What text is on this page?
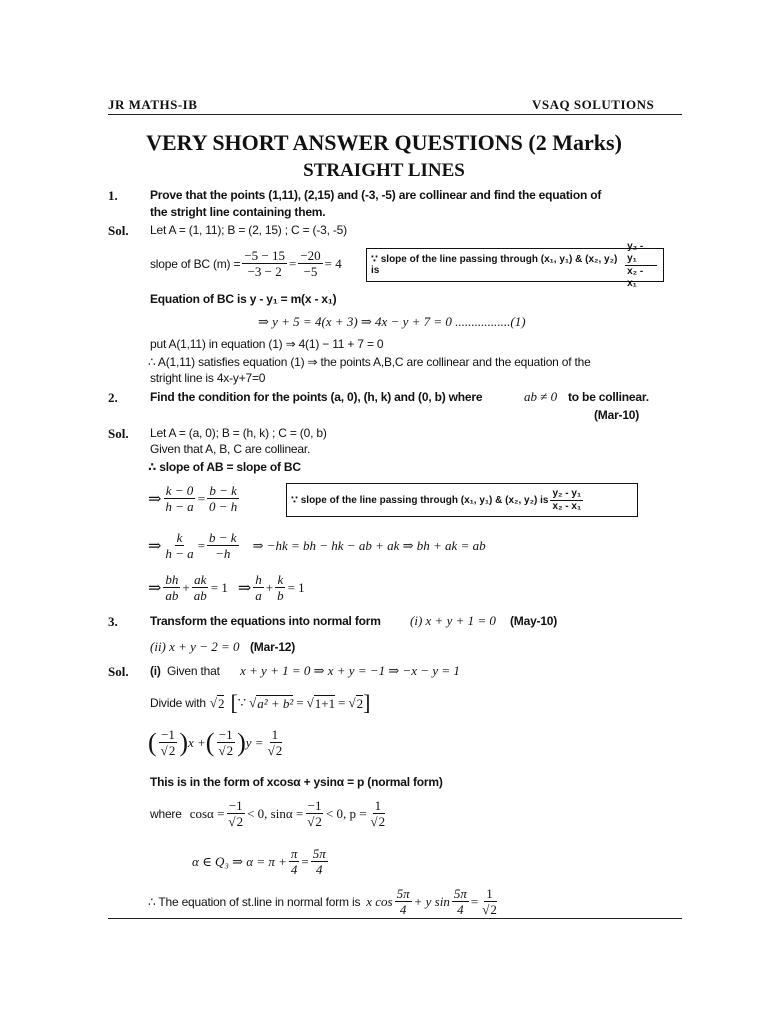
JR MATHS-IB	VSAQ SOLUTIONS
VERY SHORT ANSWER QUESTIONS (2 Marks)
STRAIGHT LINES
1.	Prove that the points (1,11), (2,15) and (-3, -5) are collinear and find the equation of
the stright line containing them.
Sol. Let A = (1, 11); B = (2, 15) ; C = (-3, -5)
slope of BC $(m) = \frac{-5 - 15}{-3 - 2} = \frac{-20}{-5} = 4$	∵ slope of the line passing through (x₁, y₁) & (x₂, y₂) is	$\frac{\text{y₂ - y₁}}{\text{x₂ - x₁}}$
Equation of BC is y - y₁ = m(x - x₁)
⇒ y + 5 = 4(x + 3) ⇒ 4x − y + 7 = 0 .................(1)
put A(1,11) in equation (1) ⇒ 4(1) − 11 + 7 = 0
∴ A(1,11) satisfies equation (1) ⇒ the points A,B,C are collinear and the equation of the
stright line is 4x-y+7=0
2.	Find the condition for the points (a, 0), (h, k) and (0, b) where	ab ≠ 0 to be collinear.
(Mar-10)
Sol. Let A = (a, 0); B = (h, k) ; C = (0, b)
Given that A, B, C are collinear.
∴ slope of AB = slope of BC
⇒ $\frac{k - 0}{h - a} = \frac{b - k}{0 - h}$	∵ slope of the line passing through (x₁, y₁) & (x₂, y₂) is $\frac{\text{y₂ - y₁}}{\text{x₂ - x₁}}$
⇒ $\frac{k}{h - a} = \frac{b - k}{-h}$ ⇒ −hk = bh − hk − ab + ak ⇒ bh + ak = ab
⇒ $\frac{bh}{ab} + \frac{ak}{ab} = 1$ ⇒ $\frac{h}{a} + \frac{k}{b} = 1$
3.	Transform the equations into normal form (i) x + y + 1 = 0 (May-10)
(ii) x + y − 2 = 0 (Mar-12)
Sol. (i) Given that x + y + 1 = 0 ⇒ x + y = −1 ⇒ −x − y = 1
Divide with √ 2 [ ∵ √ a² + b² = √ 1+1 = √ 2 ]
( $\frac{-1}{√2}$ ) x + ( $\frac{-1}{√2}$ ) $y = \frac{1}{√2}$
This is in the form of xcosα + ysinα = p (normal form)
where $\cos\alpha = \frac{-1}{√2} < 0$, $\sin\alpha = \frac{-1}{√2} < 0$, $p = \frac{1}{√2}$
α ∈ Q₃ ⇒ $\alpha = \pi + \frac{\pi}{4} = \frac{5\pi}{4}$
∴ The equation of st.line in normal form is x $\cos \frac{5\pi}{4} + y$ $\sin \frac{5\pi}{4} = \frac{1}{√2}$
